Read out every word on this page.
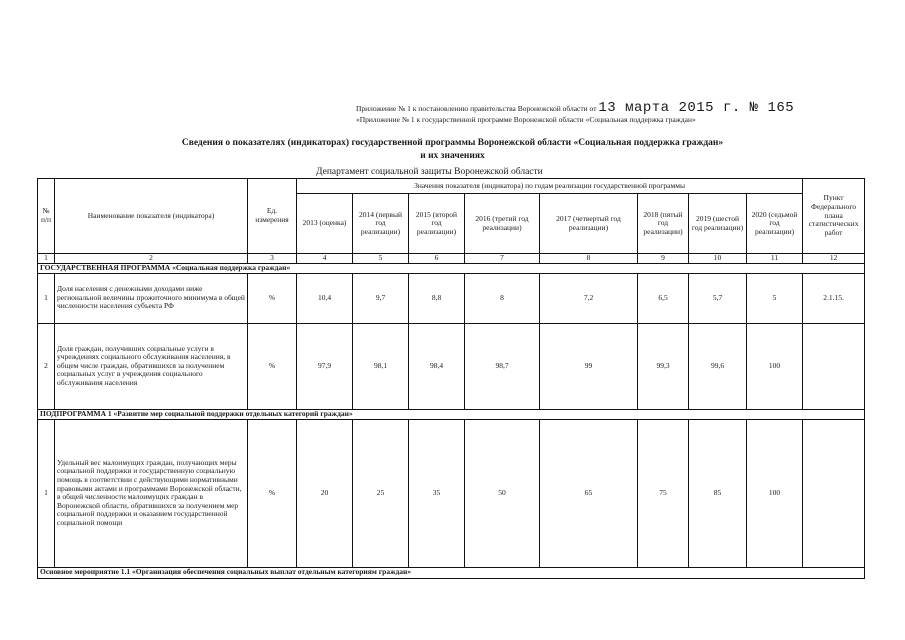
Приложение № 1 к постановлению правительства Воронежской области от 13 марта 2015 г. № 165
«Приложение № 1 к государственной программе Воронежской области «Социальная поддержка граждан»
Сведения о показателях (индикаторах) государственной программы Воронежской области «Социальная поддержка граждан»
и их значениях
Департамент социальной защиты Воронежской области
№ п/п	Наименование показателя (индикатора)	Ед. измерения	Значения показателя (индикатора) по годам реализации государственной программы								Пункт Федерального плана статистических работ
			2013 (оценка)	2014 (первый год реализации)	2015 (второй год реализации)	2016 (третий год реализации)	2017 (четвертый год реализации)	2018 (пятый год реализации)	2019 (шестой год реализации)	2020 (седьмой год реализации)	
1	2	3	4	5	6	7	8	9	10	11	12
ГОСУДАРСТВЕННАЯ ПРОГРАММА «Социальная поддержка граждан»											
1	Доля населения с денежными доходами ниже региональной величины прожиточного минимума в общей численности населения субъекта РФ	%	10,4	9,7	8,8	8	7,2	6,5	5,7	5	2.1.15.
2	Доля граждан, получивших социальные услуги в учреждениях социального обслуживания населения, в общем числе граждан, обратившихся за получением социальных услуг в учреждения социального обслуживания населения	%	97,9	98,1	98,4	98,7	99	99,3	99,6	100	
ПОДПРОГРАММА 1 «Развитие мер социальной поддержки отдельных категорий граждан»											
1	Удельный вес малоимущих граждан, получающих меры социальной поддержки и государственную социальную помощь в соответствии с действующими нормативными правовыми актами и программами Воронежской области, в общей численности малоимущих граждан в Воронежской области, обратившихся за получением мер социальной поддержки и оказанием государственной социальной помощи	%	20	25	35	50	65	75	85	100	
Основное мероприятие 1.1 «Организация обеспечения социальных выплат отдельным категориям граждан»											
